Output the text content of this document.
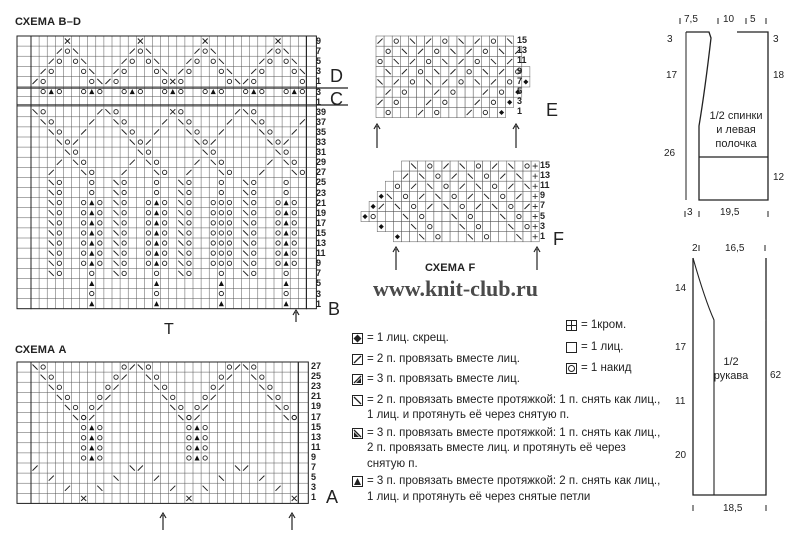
СХЕМА B–D
СХЕМА A
СХЕМА F
9
7
5
3
1
3
1
39
37
35
33
31
29
27
25
23
21
19
17
15
13
11
9
7
5
3
1
27
25
23
21
19
17
15
13
11
9
7
5
3
1
15
13
11
9
7
5
3
1
15
13
11
9
7
5
3
1
D
C
B
T
A
E
F
www.knit-club.ru
= 1 лиц. скрещ.
= 2 п. провязать вместе лиц.
= 3 п. провязать вместе лиц.
= 2 п. провязать вместе протяжкой: 1 п. снять как лиц., 1 лиц. и протянуть её через снятую п.
= 3 п. провязать вместе протяжкой: 1 п. снять как лиц., 2 п. провязать вместе лиц. и протянуть её через снятую п.
= 3 п. провязать вместе протяжкой: 2 п. снять как лиц., 1 лиц. и протянуть её через снятые петли
= 1кром.
= 1 лиц.
= 1 накид
7,5	10 5
3	3
17
26
18
12
3	19,5
1/2 спинки
и левая
полочка
2	16,5
14
17
11
20
62
18,5
1/2
рукава
